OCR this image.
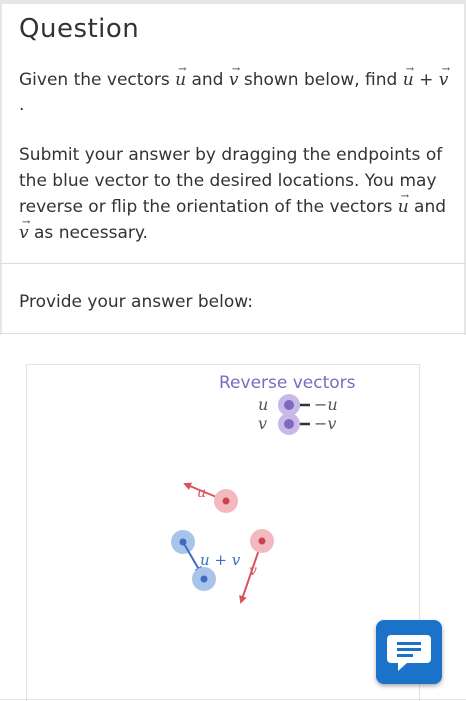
Question
Given the vectors u → and v → shown below, find u → + v →
.
Submit your answer by dragging the endpoints of
the blue vector to the desired locations. You may
reverse or flip the orientation of the vectors u → and
v → as necessary.
Provide your answer below:
Reverse vectors
u	−u
v	−v
u
v
u + v
